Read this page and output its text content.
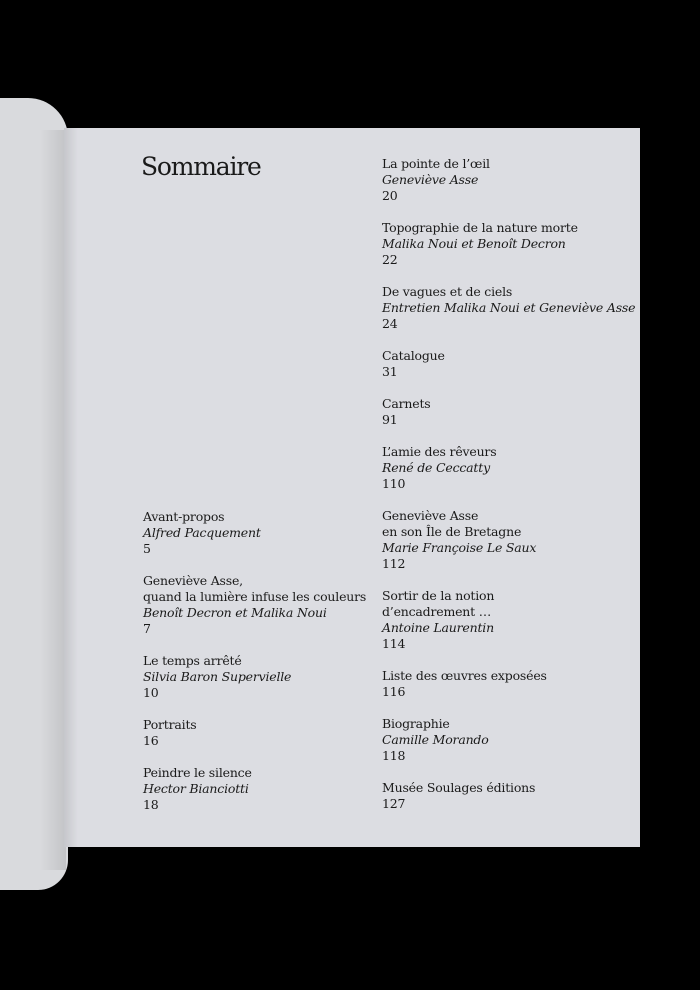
Sommaire
Avant-propos
Alfred Pacquement
5
Geneviève Asse,
quand la lumière infuse les couleurs
Benoît Decron et Malika Noui
7
Le temps arrêté
Silvia Baron Supervielle
10
Portraits
16
Peindre le silence
Hector Bianciotti
18
La pointe de l’œil
Geneviève Asse
20
Topographie de la nature morte
Malika Noui et Benoît Decron
22
De vagues et de ciels
Entretien Malika Noui et Geneviève Asse
24
Catalogue
31
Carnets
91
L’amie des rêveurs
René de Ceccatty
110
Geneviève Asse
en son Île de Bretagne
Marie Françoise Le Saux
112
Sortir de la notion
d’encadrement …
Antoine Laurentin
114
Liste des œuvres exposées
116
Biographie
Camille Morando
118
Musée Soulages éditions
127
